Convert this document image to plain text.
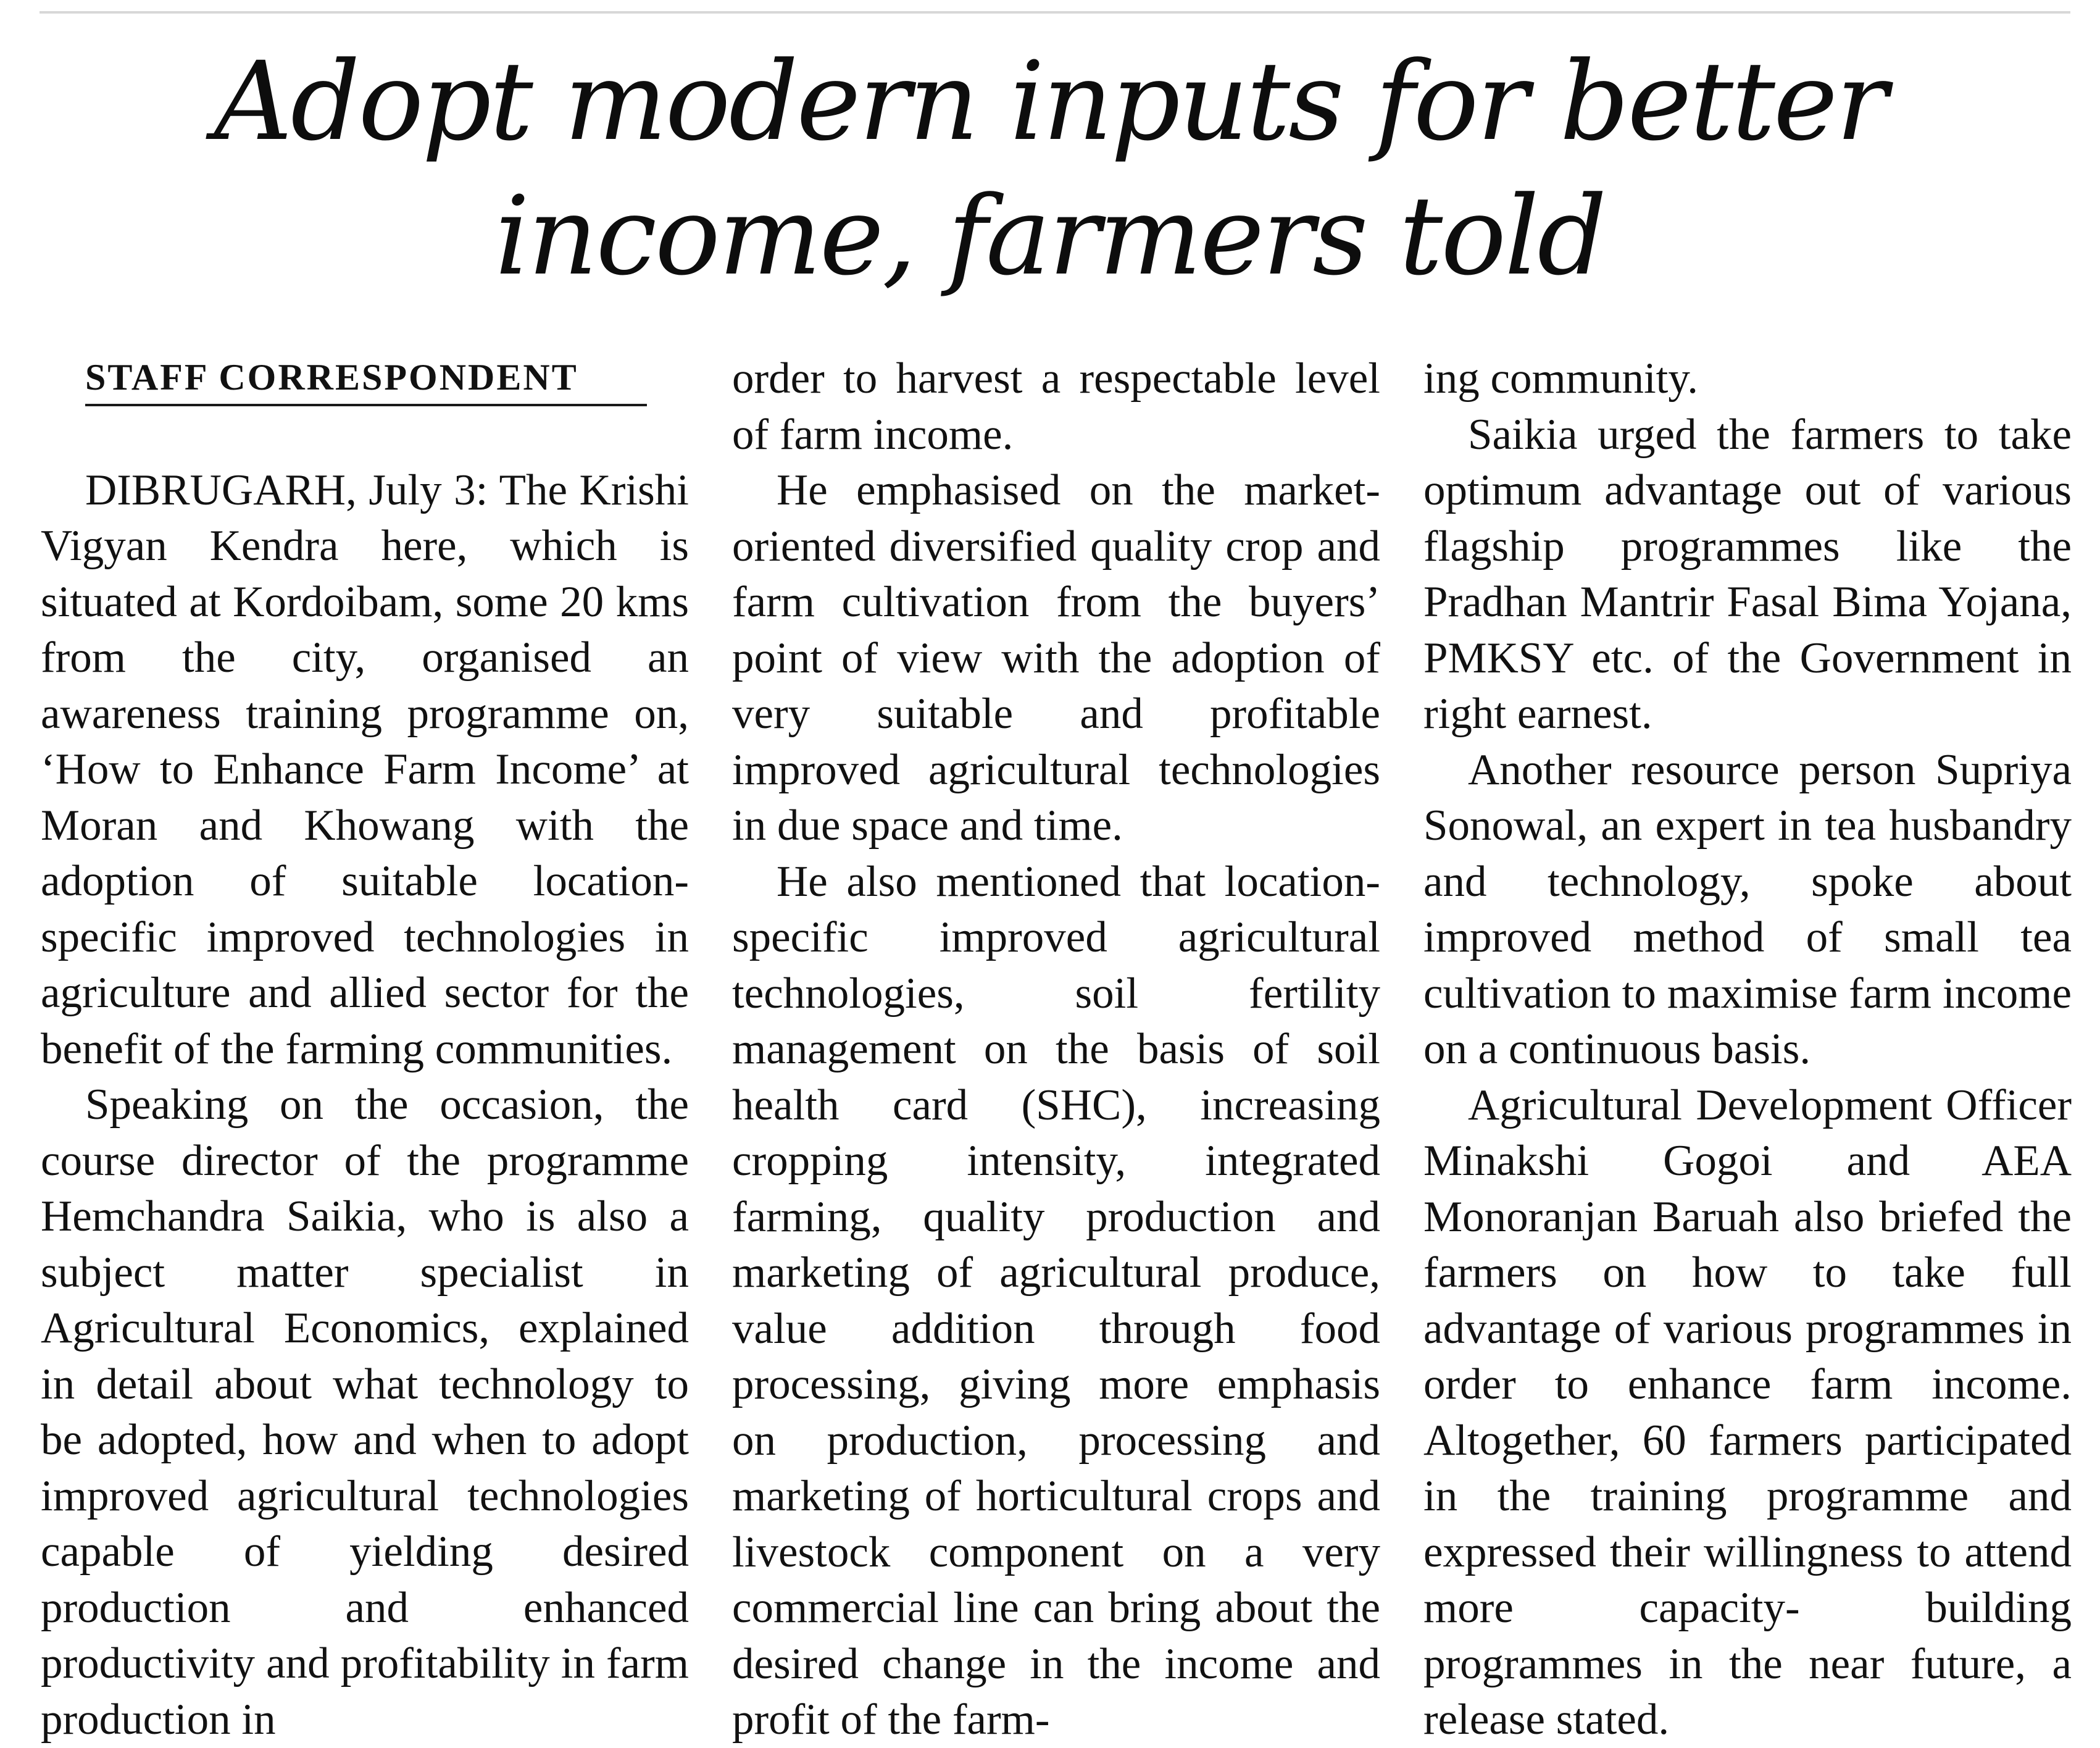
Adopt modern inputs for better
income, farmers told
STAFF CORRESPONDENT

DIBRUGARH, July 3: The Krishi Vigyan Kendra here, which is situated at Kordoibam, some 20 kms from the city, organised an awareness training programme on, ‘How to Enhance Farm Income’ at Moran and Khowang with the adoption of suitable location-specific improved technologies in agriculture and allied sector for the benefit of the farming communities.

Speaking on the occasion, the course director of the programme Hemchandra Saikia, who is also a subject matter specialist in Agricultural Economics, explained in detail about what technology to be adopted, how and when to adopt improved agricultural technologies capable of yielding desired production and enhanced productivity and profitability in farm production in

order to harvest a respectable level of farm income.

He emphasised on the market-oriented diversified quality crop and farm cultivation from the buyers’ point of view with the adoption of very suitable and profitable improved agricultural technologies in due space and time.

He also mentioned that location-specific improved agricultural technologies, soil fertility management on the basis of soil health card (SHC), increasing cropping intensity, integrated farming, quality production and marketing of agricultural produce, value addition through food processing, giving more emphasis on production, processing and marketing of horticultural crops and livestock component on a very commercial line can bring about the desired change in the income and profit of the farm-

ing community.

Saikia urged the farmers to take optimum advantage out of various flagship programmes like the Pradhan Mantrir Fasal Bima Yojana, PMKSY etc. of the Government in right earnest.

Another resource person Supriya Sonowal, an expert in tea husbandry and technology, spoke about improved method of small tea cultivation to maximise farm income on a continuous basis.

Agricultural Development Officer Minakshi Gogoi and AEA Monoranjan Baruah also briefed the farmers on how to take full advantage of various programmes in order to enhance farm income. Altogether, 60 farmers participated in the training programme and expressed their willingness to attend more capacity- building programmes in the near future, a release stated.
